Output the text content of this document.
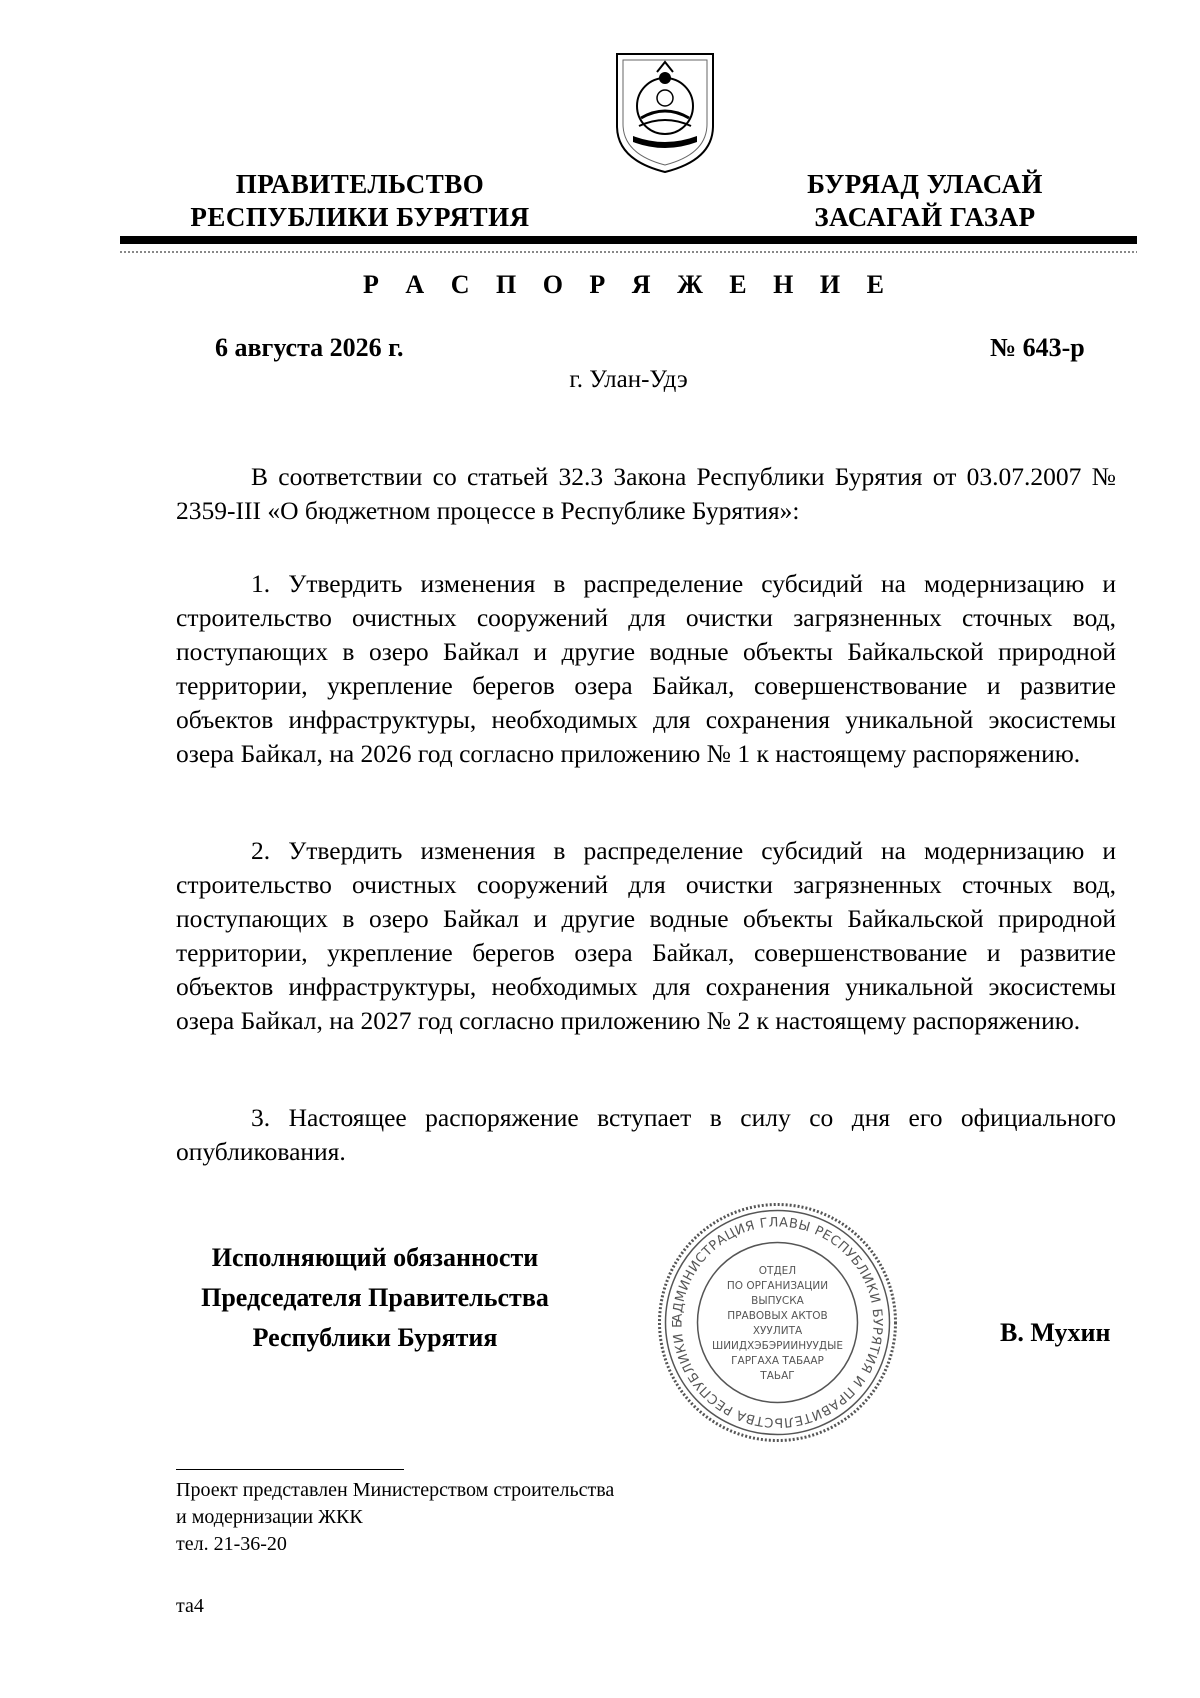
ПРАВИТЕЛЬСТВО
РЕСПУБЛИКИ БУРЯТИЯ
БУРЯАД УЛАСАЙ
ЗАСАГАЙ ГАЗАР
Р А С П О Р Я Ж Е Н И Е
6 августа 2026 г.	№ 643-р
г. Улан-Удэ
В соответствии со статьей 32.3 Закона Республики Бурятия от 03.07.2007 № 2359-III «О бюджетном процессе в Республике Бурятия»:
1. Утвердить изменения в распределение субсидий на модернизацию и строительство очистных сооружений для очистки загрязненных сточных вод, поступающих в озеро Байкал и другие водные объекты Байкальской природной территории, укрепление берегов озера Байкал, совершенствование и развитие объектов инфраструктуры, необходимых для сохранения уникальной экосистемы озера Байкал, на 2026 год согласно приложению № 1 к настоящему распоряжению.
2. Утвердить изменения в распределение субсидий на модернизацию и строительство очистных сооружений для очистки загрязненных сточных вод, поступающих в озеро Байкал и другие водные объекты Байкальской природной территории, укрепление берегов озера Байкал, совершенствование и развитие объектов инфраструктуры, необходимых для сохранения уникальной экосистемы озера Байкал, на 2027 год согласно приложению № 2 к настоящему распоряжению.
3. Настоящее распоряжение вступает в силу со дня его официального опубликования.
Исполняющий обязанности
Председателя Правительства
Республики Бурятия
АДМИНИСТРАЦИЯ ГЛАВЫ РЕСПУБЛИКИ БУРЯТИЯ И ПРАВИТЕЛЬСТВА РЕСПУБЛИКИ Б
ОТДЕЛ
ПО ОРГАНИЗАЦИИ
ВЫПУСКА
ПРАВОВЫХ АКТОВ
ХУУЛИТА
ШИИДХЭБЭРИИНУУДЫЕ
ГАРГАХА ТАБААР
ТАЬАГ
В. Мухин
Проект представлен Министерством строительства
и модернизации ЖКК
тел. 21-36-20
та4
